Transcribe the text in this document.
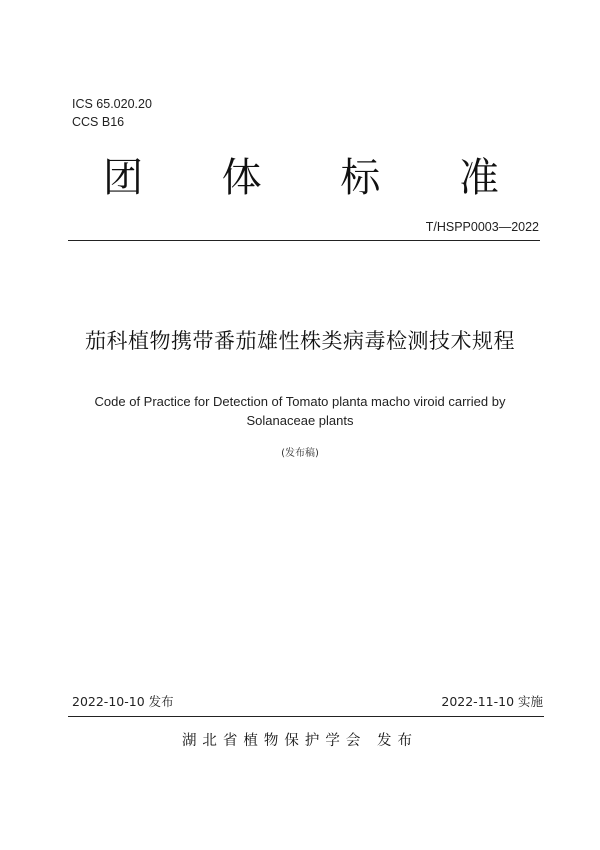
ICS 65.020.20
CCS B16
团 体 标 准
T/HSPP0003—2022
茄科植物携带番茄雄性株类病毒检测技术规程
Code of Practice for Detection of Tomato planta macho viroid carried by Solanaceae plants
(发布稿)
2022-10-10 发布	2022-11-10 实施
湖北省植物保护学会 发布
